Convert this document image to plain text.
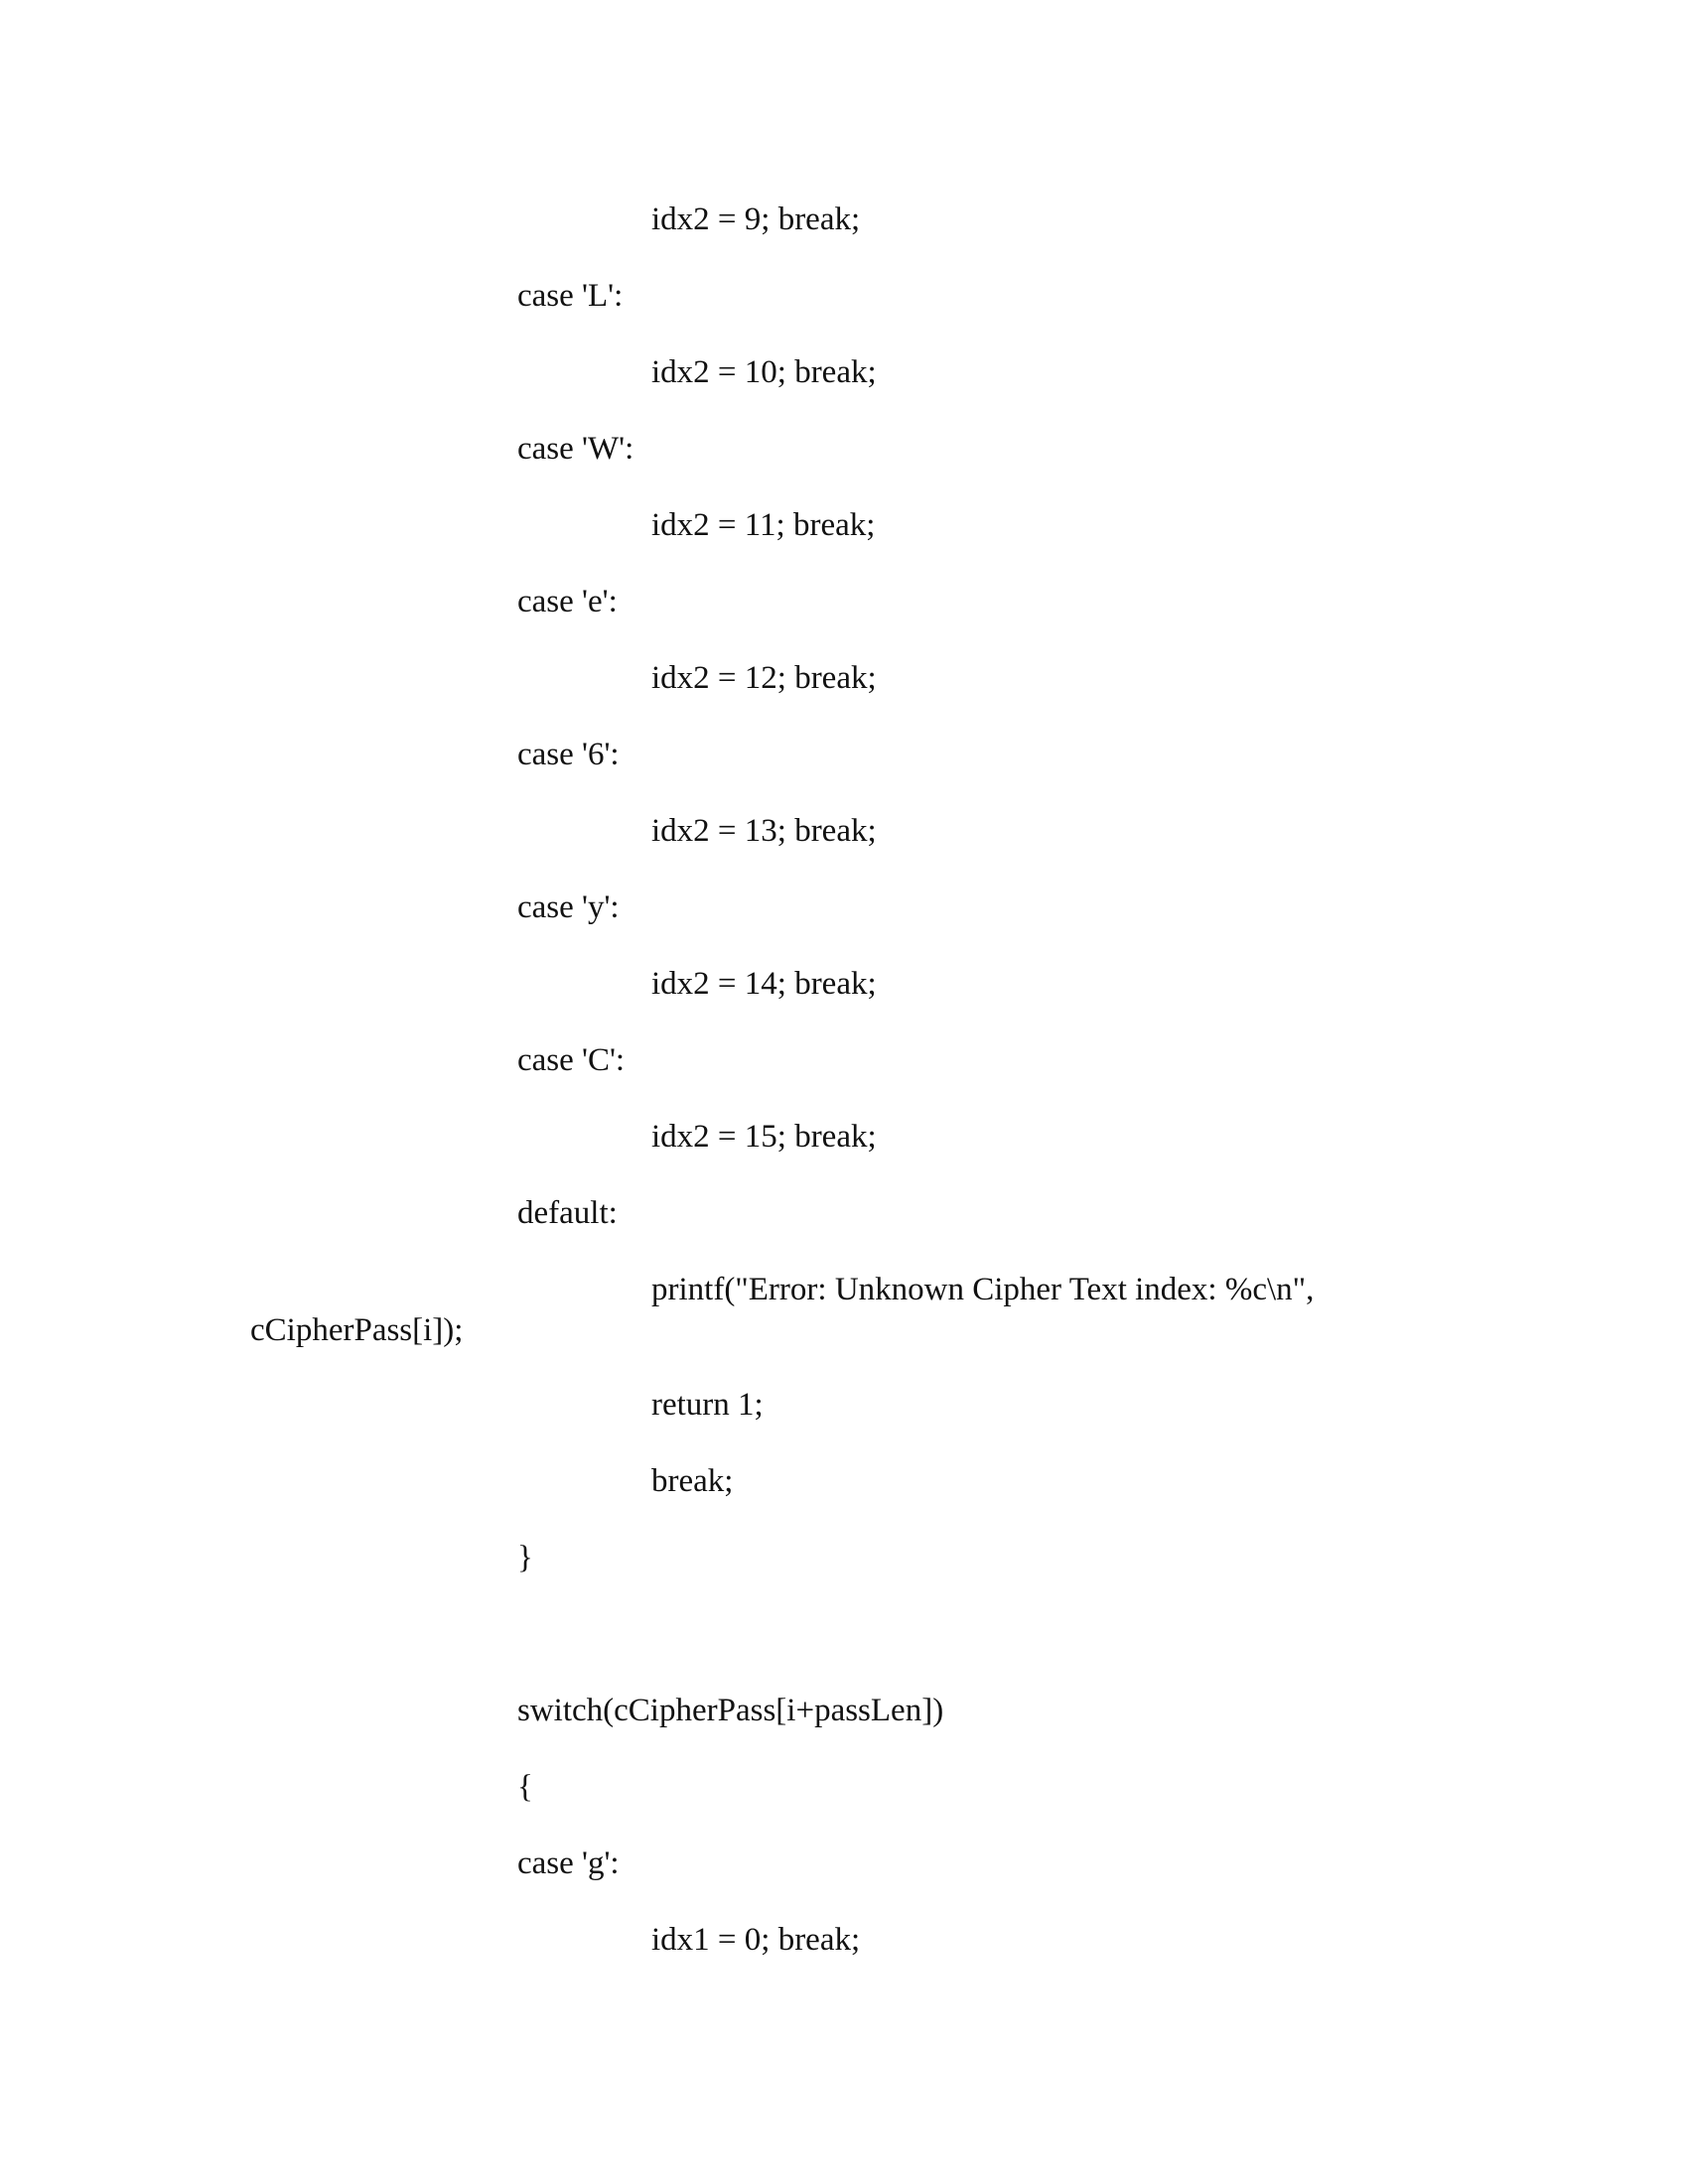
idx2 = 9; break;

case 'L':

idx2 = 10; break;

case 'W':

idx2 = 11; break;

case 'e':

idx2 = 12; break;

case '6':

idx2 = 13; break;

case 'y':

idx2 = 14; break;

case 'C':

idx2 = 15; break;

default:

printf("Error: Unknown Cipher Text index: %c\n",

cCipherPass[i]);

return 1;

break;

}

switch(cCipherPass[i+passLen])

{

case 'g':

idx1 = 0; break;
